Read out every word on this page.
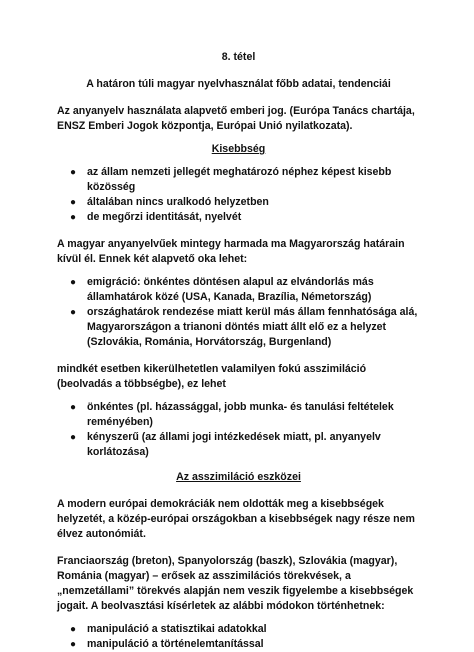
8. tétel

A határon túli magyar nyelvhasználat főbb adatai, tendenciái

Az anyanyelv használata alapvető emberi jog. (Európa Tanács chartája, ENSZ Emberi Jogok központja, Európai Unió nyilatkozata).

Kisebbség

● az állam nemzeti jellegét meghatározó néphez képest kisebb közösség
● általában nincs uralkodó helyzetben
● de megőrzi identitását, nyelvét

A magyar anyanyelvűek mintegy harmada ma Magyarország határain kívül él. Ennek két alapvető oka lehet:

● emigráció: önkéntes döntésen alapul az elvándorlás más államhatárok közé (USA, Kanada, Brazília, Németország)
● országhatárok rendezése miatt kerül más állam fennhatósága alá, Magyarországon a trianoni döntés miatt állt elő ez a helyzet (Szlovákia, Románia, Horvátország, Burgenland)

mindkét esetben kikerülhetetlen valamilyen fokú asszimiláció (beolvadás a többségbe), ez lehet

● önkéntes (pl. házassággal, jobb munka- és tanulási feltételek reményében)
● kényszerű (az állami jogi intézkedések miatt, pl. anyanyelv korlátozása)

Az asszimiláció eszközei

A modern európai demokráciák nem oldották meg a kisebbségek helyzetét, a közép-európai országokban a kisebbségek nagy része nem élvez autonómiát.

Franciaország (breton), Spanyolország (baszk), Szlovákia (magyar), Románia (magyar) – erősek az asszimilációs törekvések, a „nemzetállami” törekvés alapján nem veszik figyelembe a kisebbségek jogait. A beolvasztási kísérletek az alábbi módokon történhetnek:

● manipuláció a statisztikai adatokkal
● manipuláció a történelemtanítással
